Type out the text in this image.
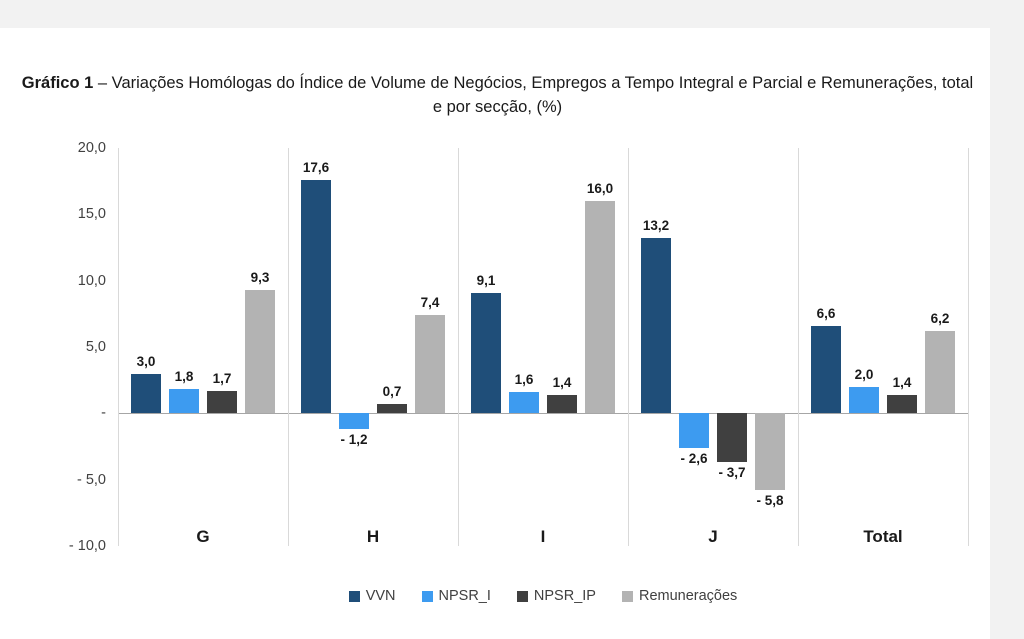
Gráfico 1 – Variações Homólogas do Índice de Volume de Negócios, Empregos a Tempo Integral e Parcial e Remunerações, total e por secção, (%)
20,0
15,0
10,0
5,0
-
- 5,0
- 10,0
3,0
1,8	1,7
9,3
G
17,6
- 1,2
0,7
7,4
H
9,1
1,6	1,4
16,0
I
13,2
- 2,6
- 3,7
- 5,8
J
6,6
2,0
1,4
6,2
Total
VVN	NPSR_I	NPSR_IP	Remunerações
